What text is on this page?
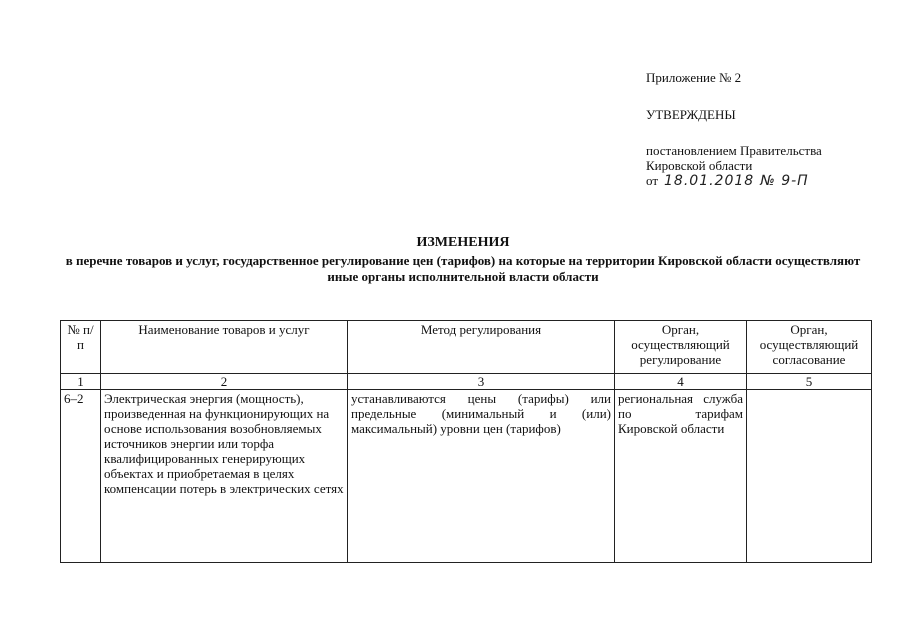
Приложение № 2
УТВЕРЖДЕНЫ
постановлением Правительства
Кировской области
от 18.01.2018 № 9-П
ИЗМЕНЕНИЯ
в перечне товаров и услуг, государственное регулирование цен (тарифов) на которые на территории Кировской области осуществляют иные органы исполнительной власти области
№ п/п	Наименование товаров и услуг	Метод регулирования	Орган, осуществляющий регулирование	Орган, осуществляющий согласование
1	2	3	4	5
6–2	Электрическая энергия (мощность), произведенная на функционирующих на основе использования возобновляемых источников энергии или торфа квалифицированных генерирующих объектах и приобретаемая в целях компенсации потерь в электрических сетях	устанавливаются цены (тарифы) или предельные (минимальный и (или) максимальный) уровни цен (тарифов)	региональная служба по тарифам Кировской области	
